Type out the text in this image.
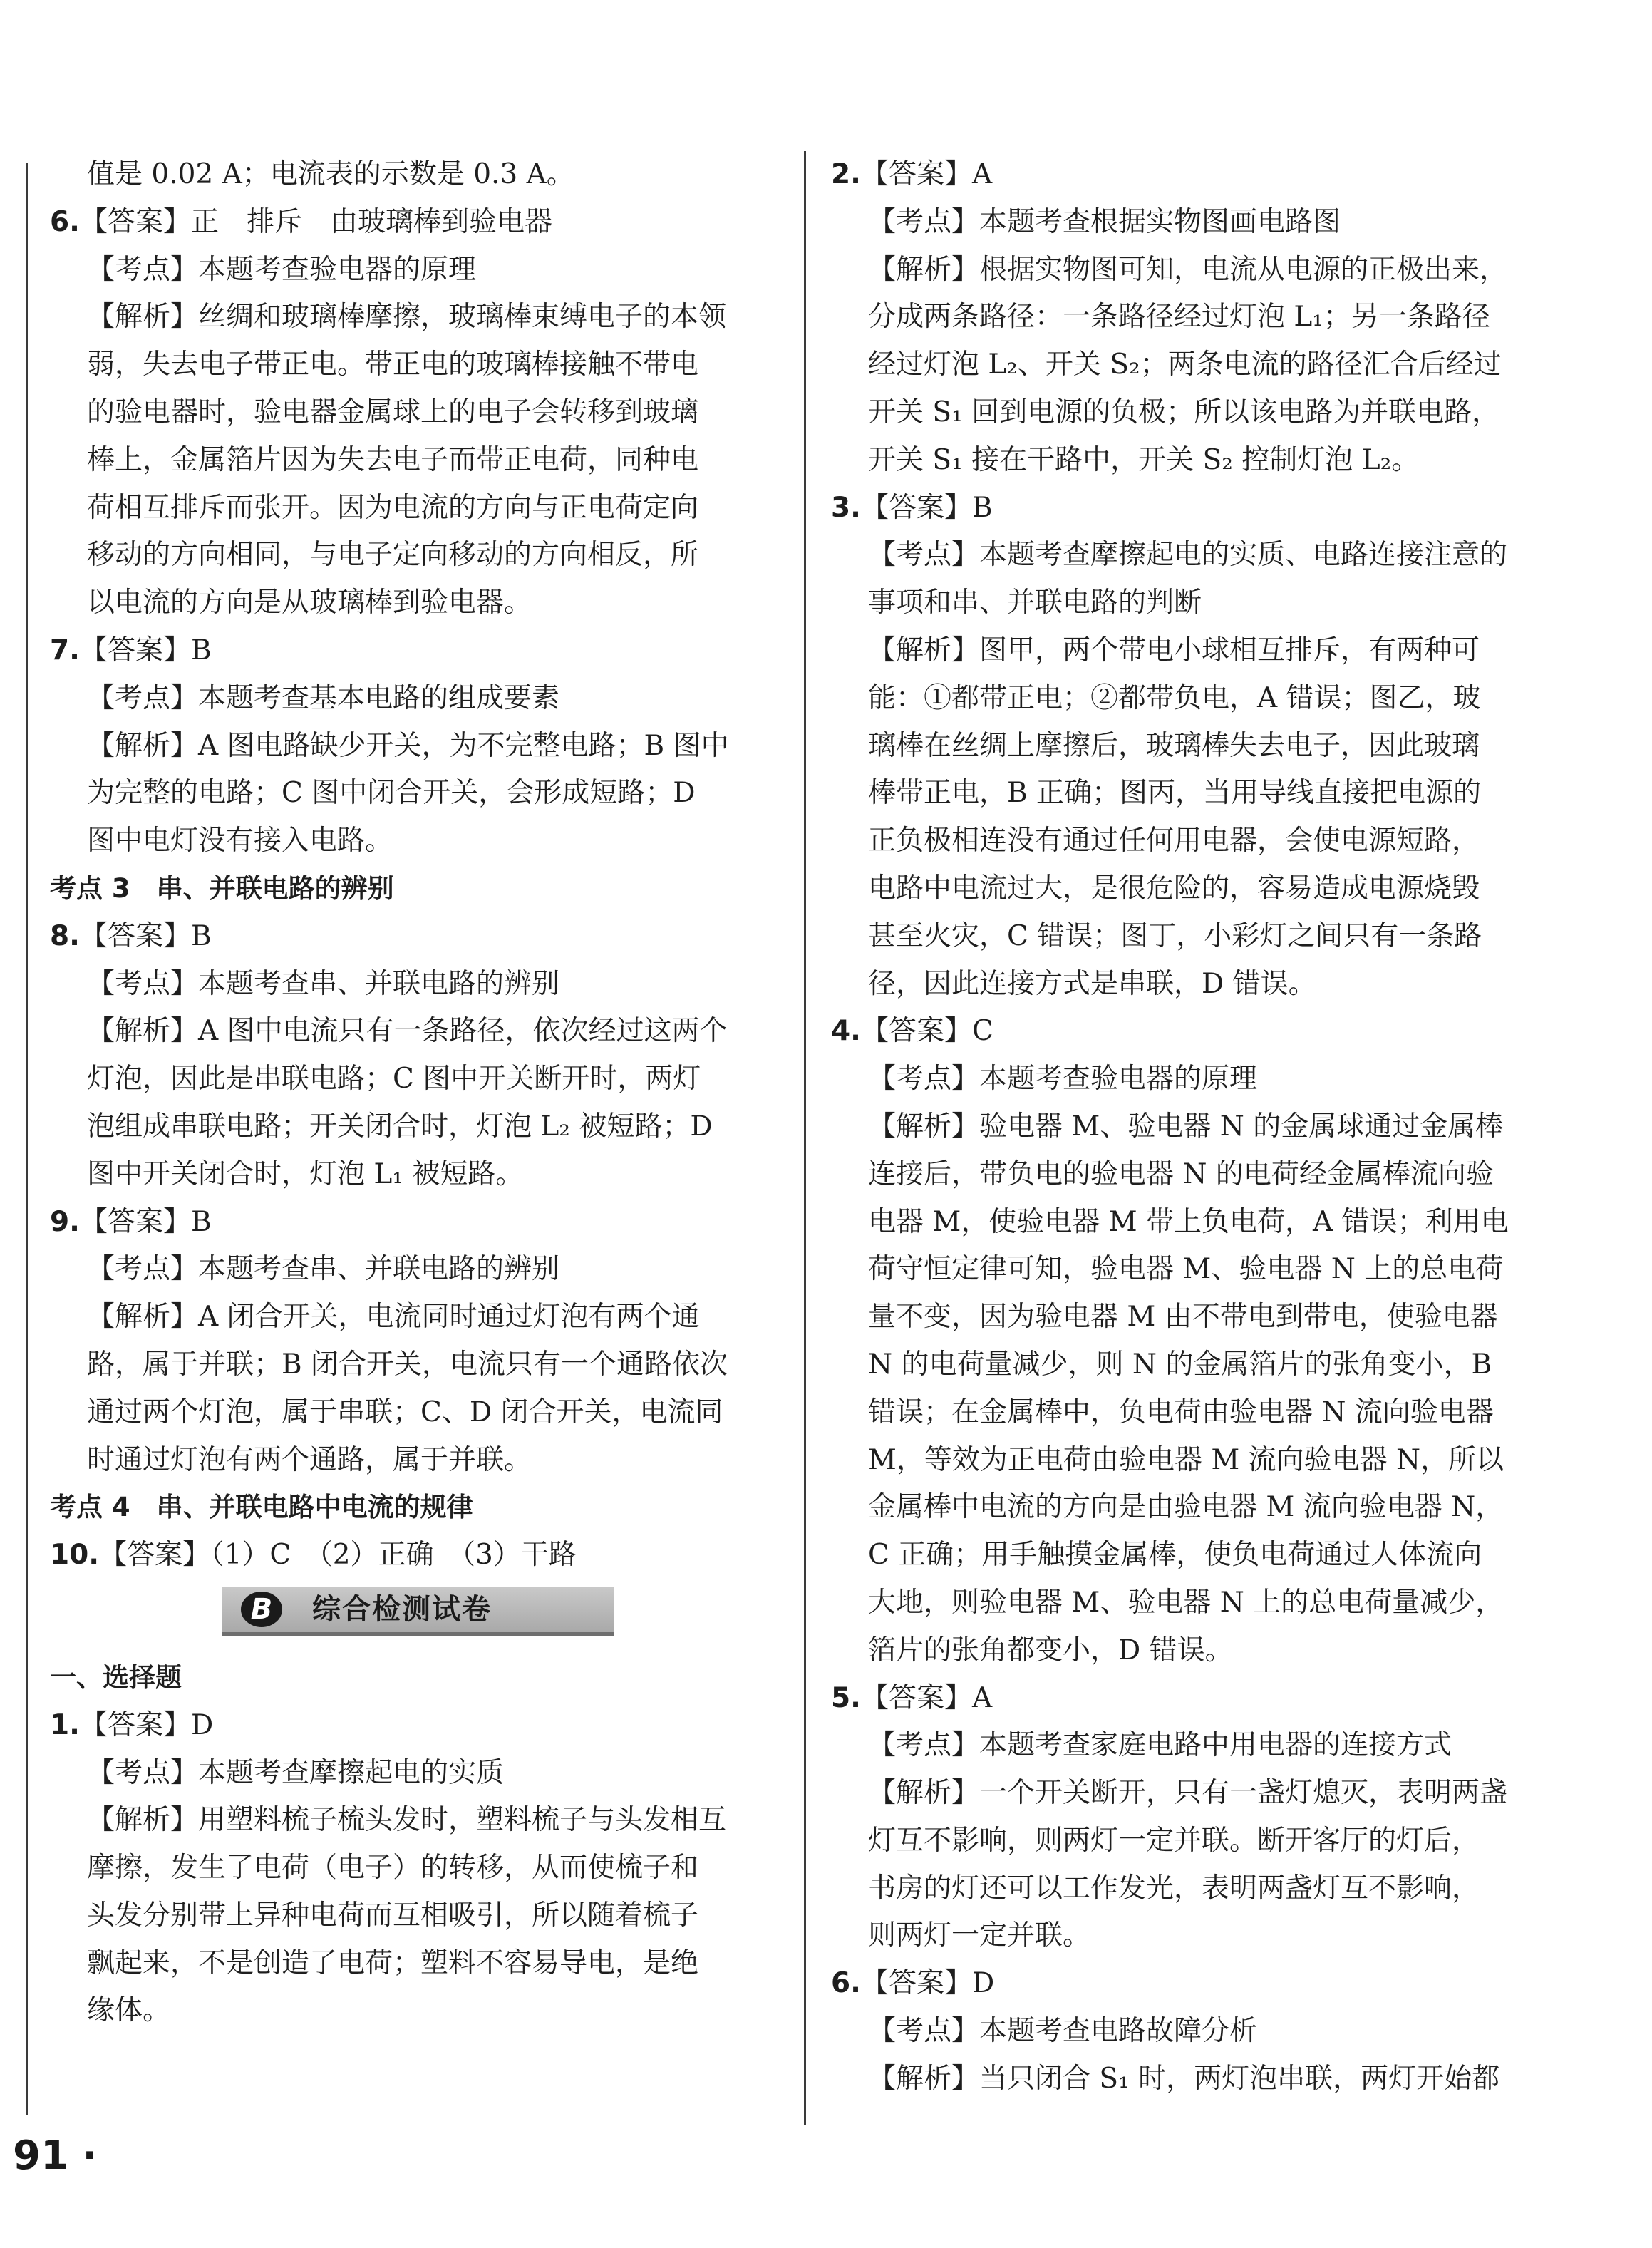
值是 0.02 A；电流表的示数是 0.3 A。
6.【答案】正　排斥　由玻璃棒到验电器
【考点】本题考查验电器的原理
【解析】丝绸和玻璃棒摩擦，玻璃棒束缚电子的本领
弱，失去电子带正电。带正电的玻璃棒接触不带电
的验电器时，验电器金属球上的电子会转移到玻璃
棒上，金属箔片因为失去电子而带正电荷，同种电
荷相互排斥而张开。因为电流的方向与正电荷定向
移动的方向相同，与电子定向移动的方向相反，所
以电流的方向是从玻璃棒到验电器。
7.【答案】B
【考点】本题考查基本电路的组成要素
【解析】A 图电路缺少开关，为不完整电路；B 图中
为完整的电路；C 图中闭合开关，会形成短路；D
图中电灯没有接入电路。
考点 3　串、并联电路的辨别
8.【答案】B
【考点】本题考查串、并联电路的辨别
【解析】A 图中电流只有一条路径，依次经过这两个
灯泡，因此是串联电路；C 图中开关断开时，两灯
泡组成串联电路；开关闭合时，灯泡 L₂ 被短路；D
图中开关闭合时，灯泡 L₁ 被短路。
9.【答案】B
【考点】本题考查串、并联电路的辨别
【解析】A 闭合开关，电流同时通过灯泡有两个通
路，属于并联；B 闭合开关，电流只有一个通路依次
通过两个灯泡，属于串联；C、D 闭合开关，电流同
时通过灯泡有两个通路，属于并联。
考点 4　串、并联电路中电流的规律
10.【答案】（1）C　（2）正确　（3）干路
B	综合检测试卷
一、选择题
1.【答案】D
【考点】本题考查摩擦起电的实质
【解析】用塑料梳子梳头发时，塑料梳子与头发相互
摩擦，发生了电荷（电子）的转移，从而使梳子和
头发分别带上异种电荷而互相吸引，所以随着梳子
飘起来，不是创造了电荷；塑料不容易导电，是绝
缘体。
2.【答案】A
【考点】本题考查根据实物图画电路图
【解析】根据实物图可知，电流从电源的正极出来，
分成两条路径：一条路径经过灯泡 L₁；另一条路径
经过灯泡 L₂、开关 S₂；两条电流的路径汇合后经过
开关 S₁ 回到电源的负极；所以该电路为并联电路，
开关 S₁ 接在干路中，开关 S₂ 控制灯泡 L₂。
3.【答案】B
【考点】本题考查摩擦起电的实质、电路连接注意的
事项和串、并联电路的判断
【解析】图甲，两个带电小球相互排斥，有两种可
能：①都带正电；②都带负电，A 错误；图乙，玻
璃棒在丝绸上摩擦后，玻璃棒失去电子，因此玻璃
棒带正电，B 正确；图丙，当用导线直接把电源的
正负极相连没有通过任何用电器，会使电源短路，
电路中电流过大，是很危险的，容易造成电源烧毁
甚至火灾，C 错误；图丁，小彩灯之间只有一条路
径，因此连接方式是串联，D 错误。
4.【答案】C
【考点】本题考查验电器的原理
【解析】验电器 M、验电器 N 的金属球通过金属棒
连接后，带负电的验电器 N 的电荷经金属棒流向验
电器 M，使验电器 M 带上负电荷，A 错误；利用电
荷守恒定律可知，验电器 M、验电器 N 上的总电荷
量不变，因为验电器 M 由不带电到带电，使验电器
N 的电荷量减少，则 N 的金属箔片的张角变小，B
错误；在金属棒中，负电荷由验电器 N 流向验电器
M，等效为正电荷由验电器 M 流向验电器 N，所以
金属棒中电流的方向是由验电器 M 流向验电器 N，
C 正确；用手触摸金属棒，使负电荷通过人体流向
大地，则验电器 M、验电器 N 上的总电荷量减少，
箔片的张角都变小，D 错误。
5.【答案】A
【考点】本题考查家庭电路中用电器的连接方式
【解析】一个开关断开，只有一盏灯熄灭，表明两盏
灯互不影响，则两灯一定并联。断开客厅的灯后，
书房的灯还可以工作发光，表明两盏灯互不影响，
则两灯一定并联。
6.【答案】D
【考点】本题考查电路故障分析
【解析】当只闭合 S₁ 时，两灯泡串联，两灯开始都
91 ·
